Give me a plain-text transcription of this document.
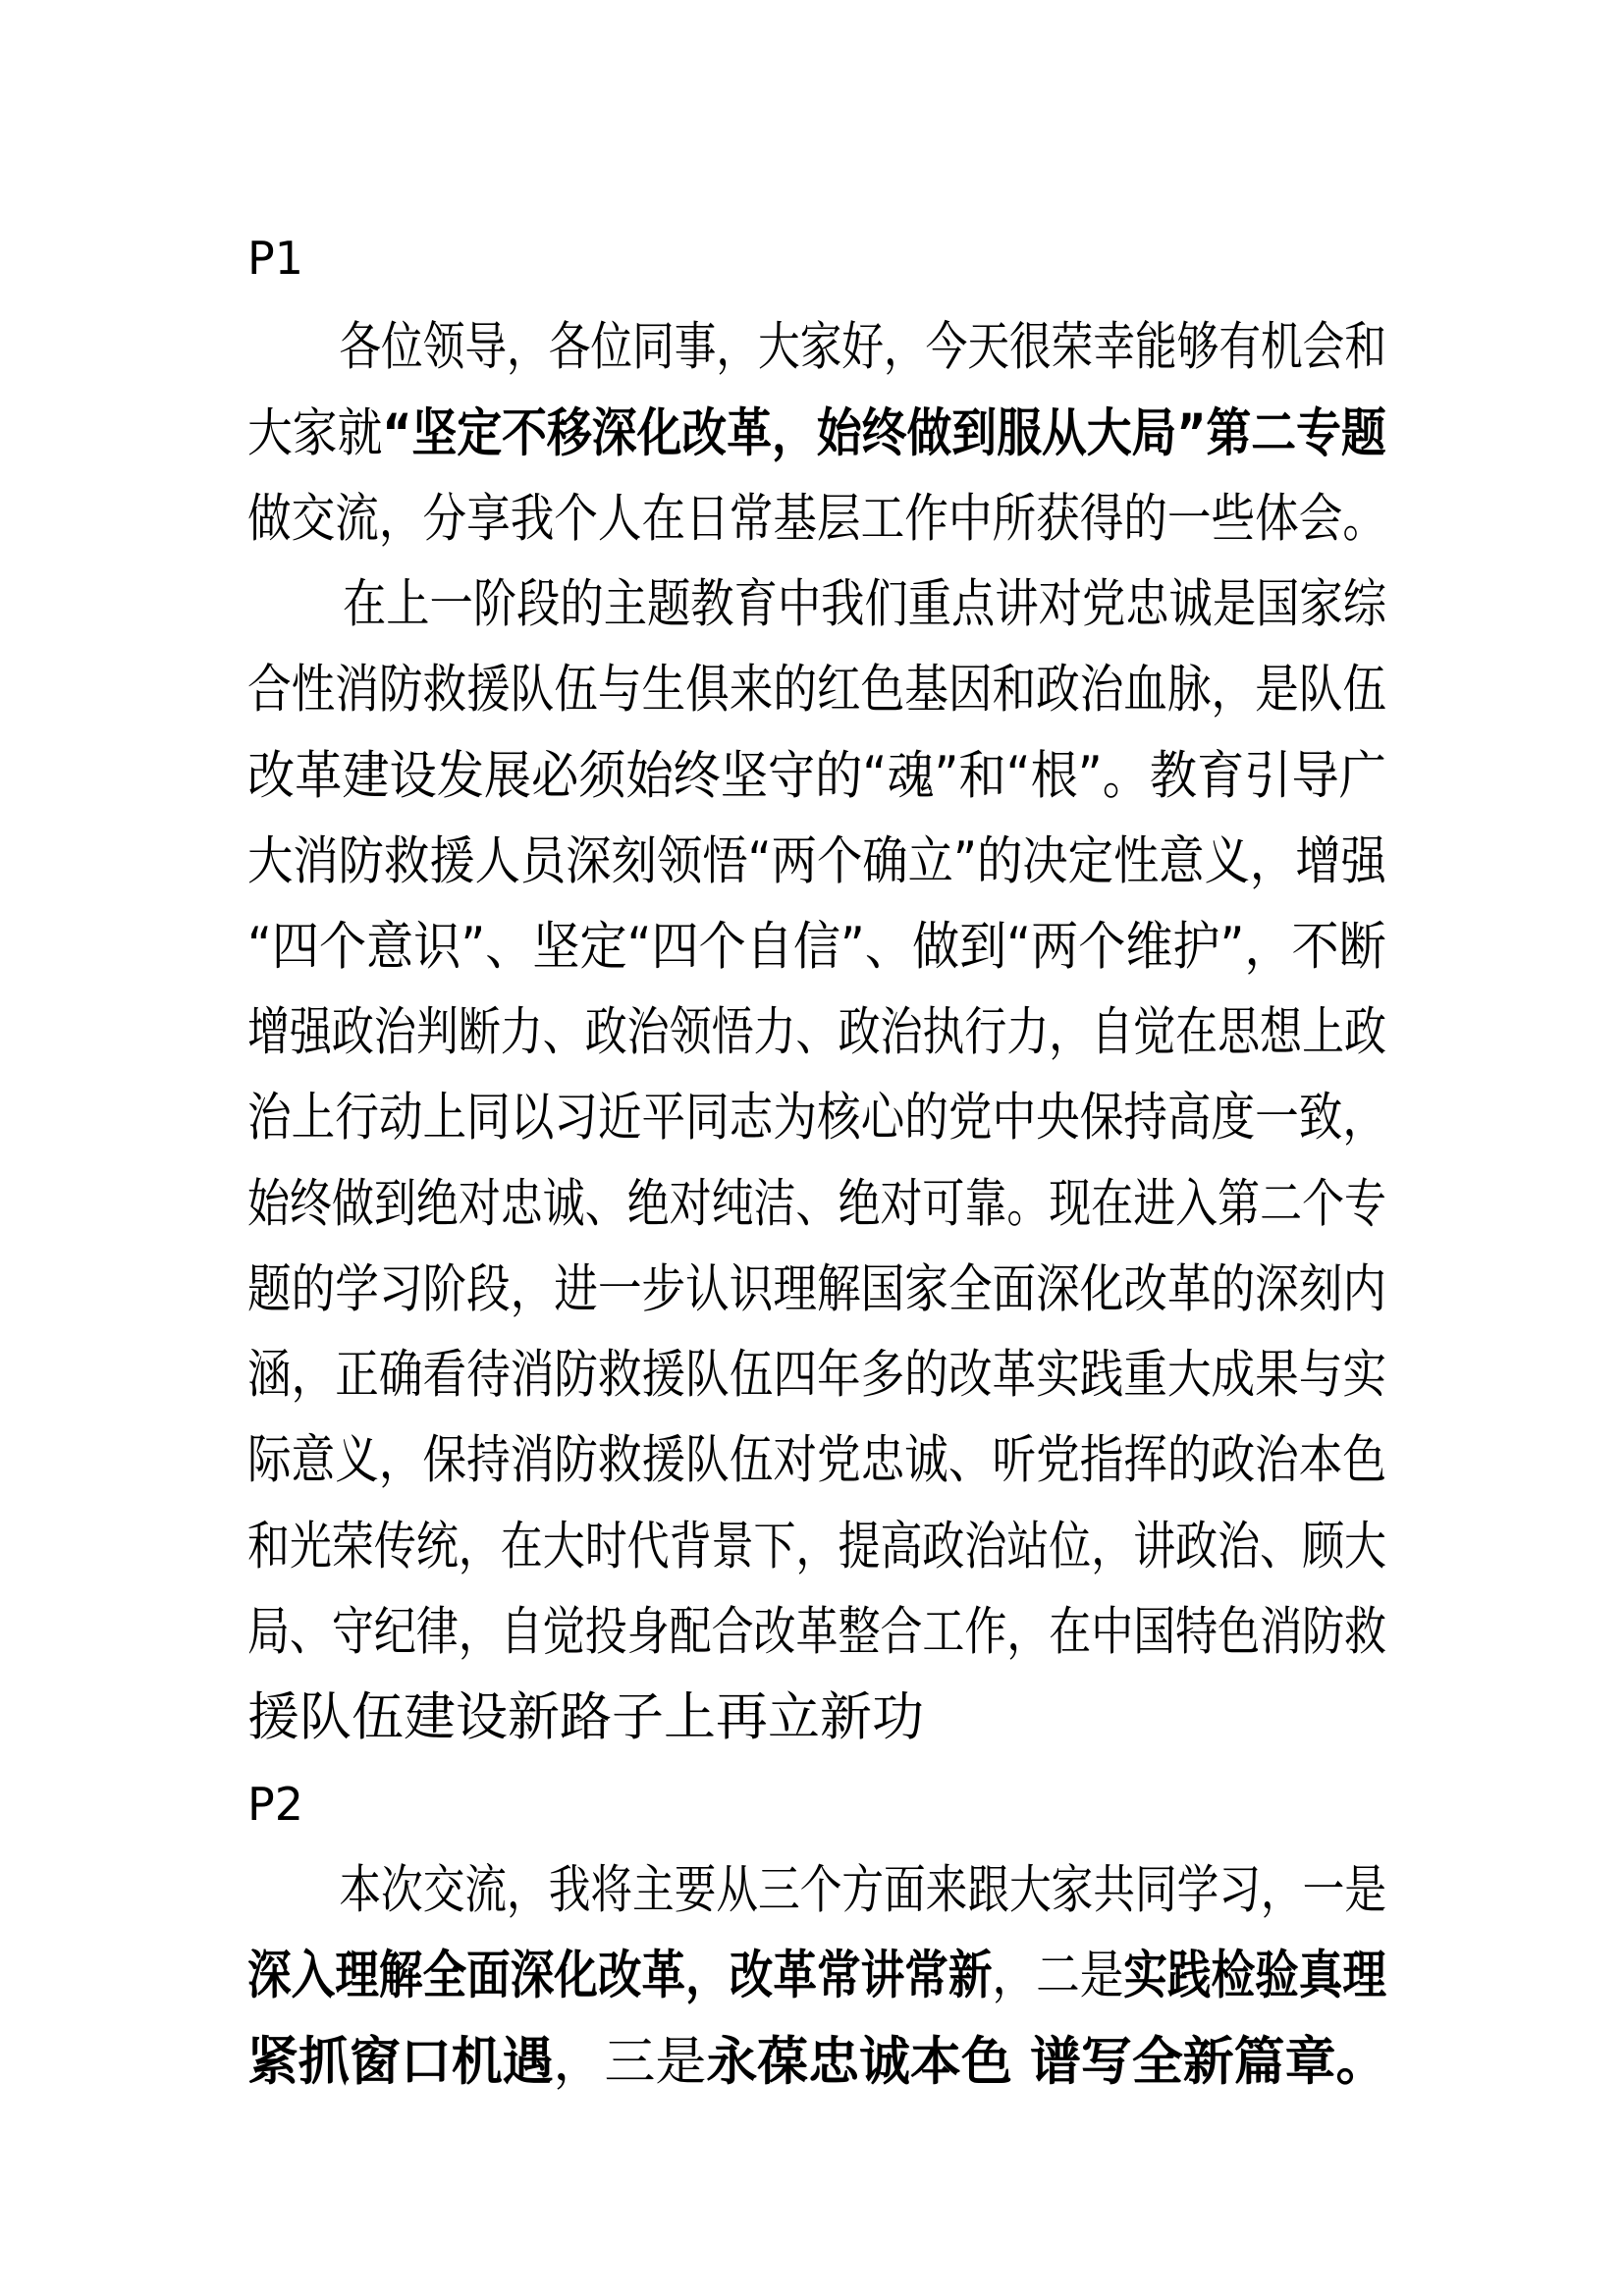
P1
各位领导，各位同事，大家好，今天很荣幸能够有机会和
大家就“坚定不移深化改革，始终做到服从大局”第二专题
做交流，分享我个人在日常基层工作中所获得的一些体会。
在上一阶段的主题教育中我们重点讲对党忠诚是国家综
合性消防救援队伍与生俱来的红色基因和政治血脉，是队伍
改革建设发展必须始终坚守的“魂”和“根”。教育引导广
大消防救援人员深刻领悟“两个确立”的决定性意义，增强
“四个意识”、坚定“四个自信”、做到“两个维护”，不断
增强政治判断力、政治领悟力、政治执行力，自觉在思想上政
治上行动上同以习近平同志为核心的党中央保持高度一致，
始终做到绝对忠诚、绝对纯洁、绝对可靠。现在进入第二个专
题的学习阶段，进一步认识理解国家全面深化改革的深刻内
涵，正确看待消防救援队伍四年多的改革实践重大成果与实
际意义，保持消防救援队伍对党忠诚、听党指挥的政治本色
和光荣传统，在大时代背景下，提高政治站位，讲政治、顾大
局、守纪律，自觉投身配合改革整合工作，在中国特色消防救
援队伍建设新路子上再立新功
P2
本次交流，我将主要从三个方面来跟大家共同学习，一是
深入理解全面深化改革，改革常讲常新，二是实践检验真理
紧抓窗口机遇，三是永葆忠诚本色 谱写全新篇章。
